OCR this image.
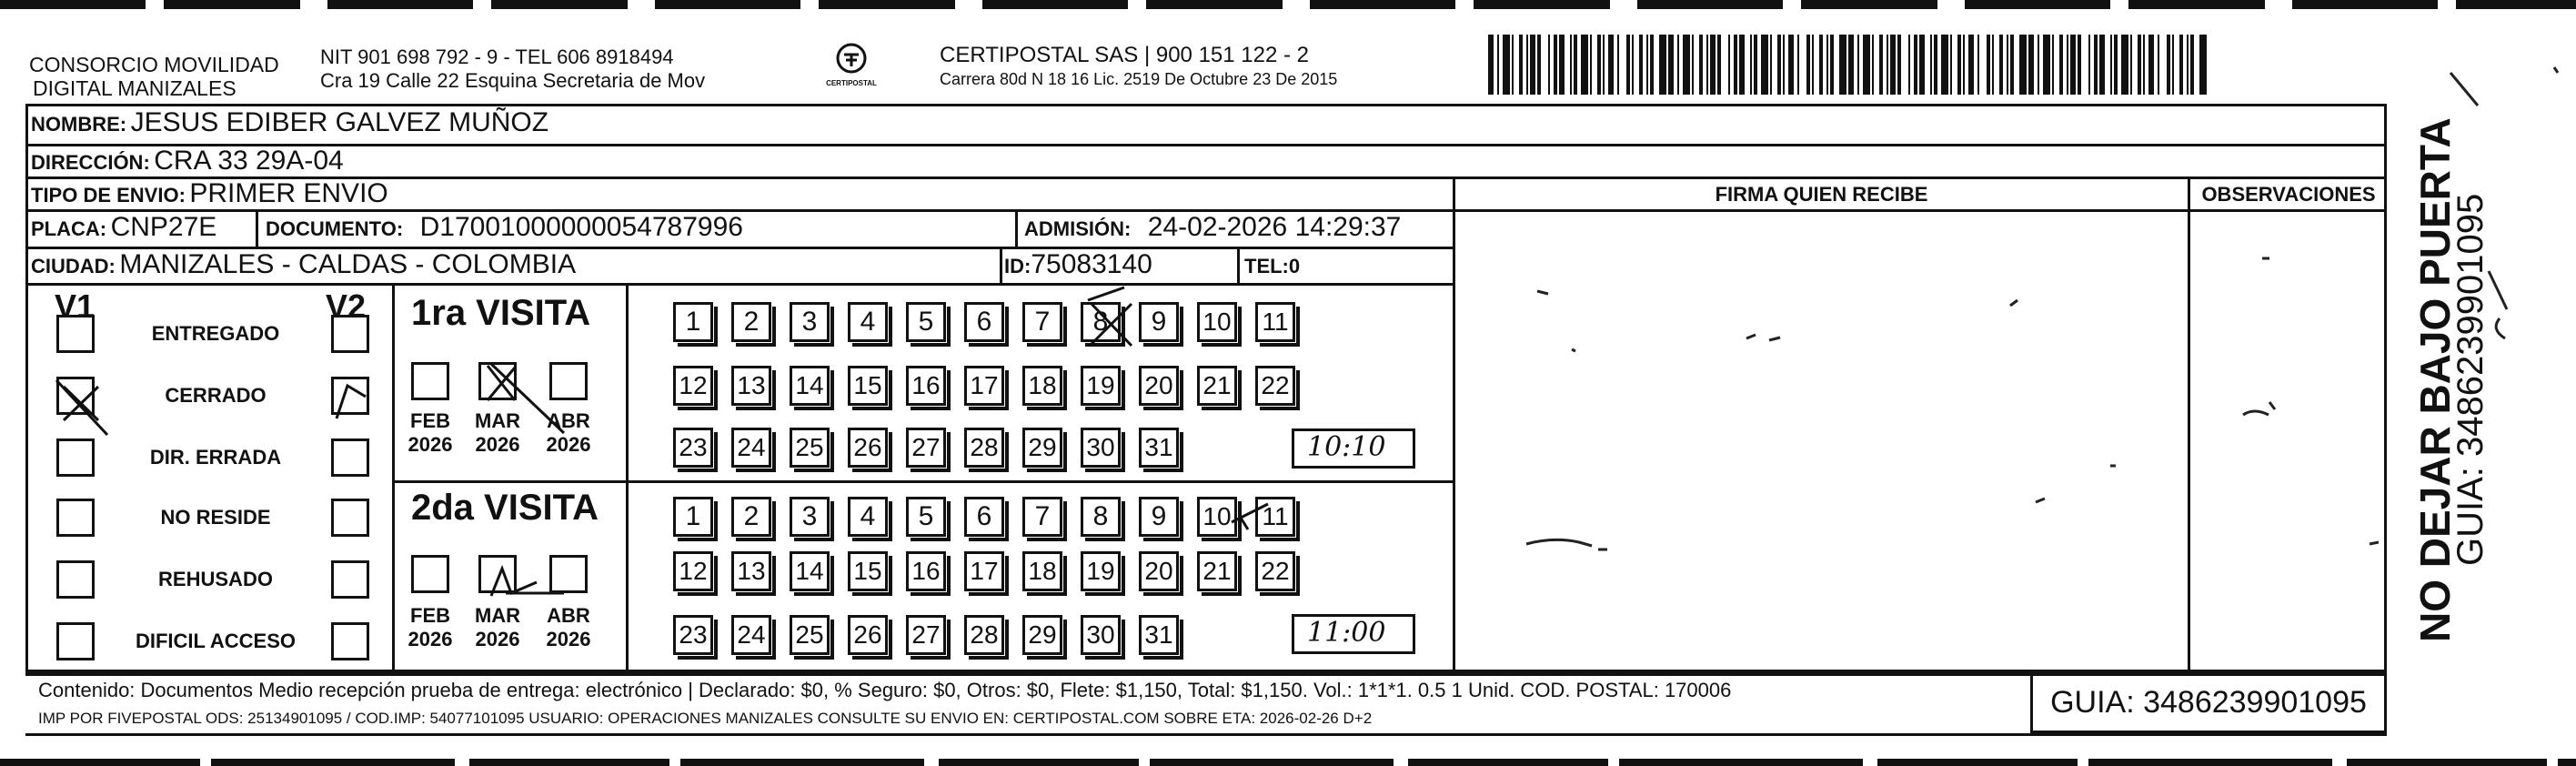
CONSORCIO MOVILIDAD
DIGITAL MANIZALES
NIT 901 698 792 - 9 - TEL 606 8918494
Cra 19 Calle 22 Esquina Secretaria de Mov	CERTIPOSTAL
CERTIPOSTAL SAS | 900 151 122 - 2
Carrera 80d N 18 16 Lic. 2519 De Octubre 23 De 2015
NOMBRE: JESUS EDIBER GALVEZ MUÑOZ
DIRECCIÓN: CRA 33 29A-04
TIPO DE ENVIO: PRIMER ENVIO
PLACA: CNP27E DOCUMENTO: D17001000000054787996	ADMISIÓN: 24-02-2026 14:29:37
CIUDAD: MANIZALES - CALDAS - COLOMBIA	ID:75083140	TEL:0
FIRMA QUIEN RECIBE	OBSERVACIONES
V1	V2
ENTREGADO
CERRADO
DIR. ERRADA
NO RESIDE
REHUSADO
DIFICIL ACCESO
1ra VISITA
2da VISITA
FEB
2026
MAR
2026
ABR
2026
FEB
2026
MAR
2026
ABR
2026
1	2	3	4	5	6	7	8	9	10 11
12 13 14 15 16 17 18 19 20 21 22
23 24 25 26 27 28 29 30 31
1	2	3	4	5	6	7	8	9	10 11
12 13 14 15 16 17 18 19 20 21 22
23 24 25 26 27 28 29 30 31
10:10
11:00
Contenido: Documentos Medio recepción prueba de entrega: electrónico | Declarado: $0, % Seguro: $0, Otros: $0, Flete: $1,150, Total: $1,150. Vol.: 1*1*1. 0.5 1 Unid. COD. POSTAL: 170006
IMP POR FIVEPOSTAL ODS: 25134901095 / COD.IMP: 54077101095 USUARIO: OPERACIONES MANIZALES CONSULTE SU ENVIO EN: CERTIPOSTAL.COM SOBRE ETA: 2026-02-26 D+2	GUIA: 3486239901095
NO DEJAR BAJO PUERTA
GUIA: 3486239901095
